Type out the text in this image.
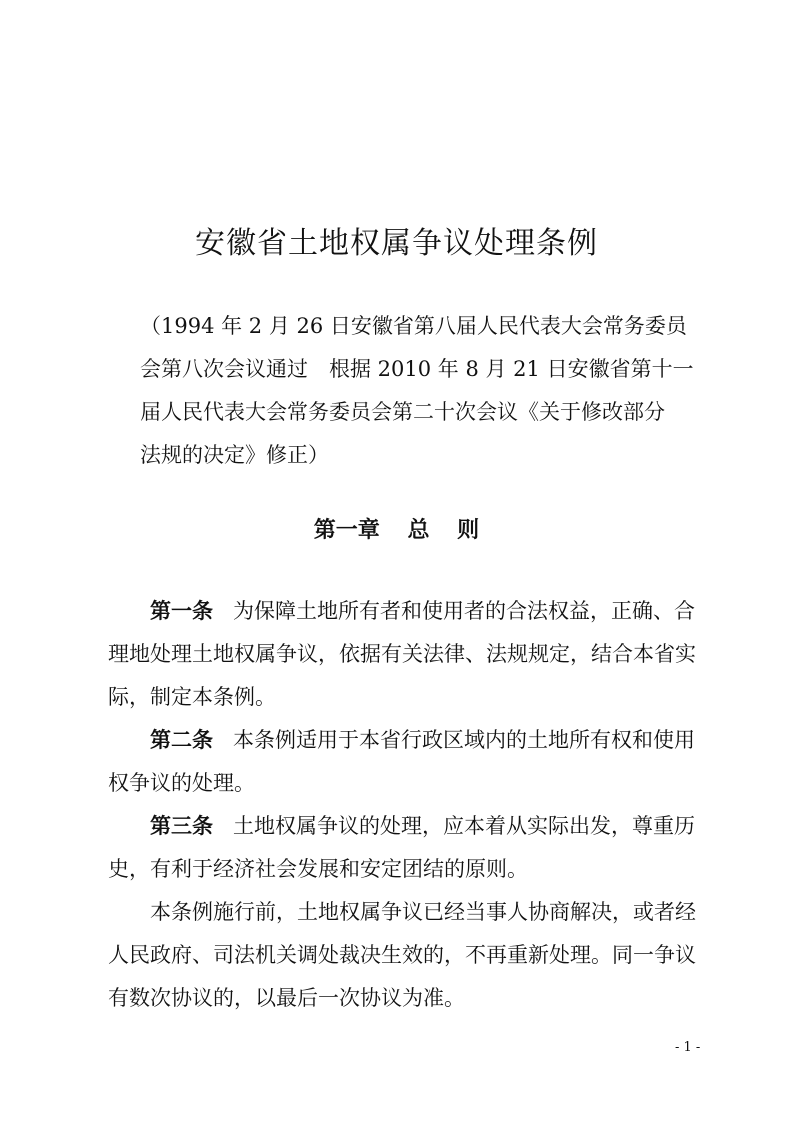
安徽省土地权属争议处理条例
（1994 年 2 月 26 日安徽省第八届人民代表大会常务委员
会第八次会议通过　根据 2010 年 8 月 21 日安徽省第十一
届人民代表大会常务委员会第二十次会议《关于修改部分
法规的决定》修正）
第一章 总 则

第一条 为保障土地所有者和使用者的合法权益，正确、合理地处理土地权属争议，依据有关法律、法规规定，结合本省实际，制定本条例。

第二条 本条例适用于本省行政区域内的土地所有权和使用权争议的处理。

第三条 土地权属争议的处理，应本着从实际出发，尊重历史，有利于经济社会发展和安定团结的原则。

本条例施行前，土地权属争议已经当事人协商解决，或者经人民政府、司法机关调处裁决生效的，不再重新处理。同一争议有数次协议的，以最后一次协议为准。

- 1 -
